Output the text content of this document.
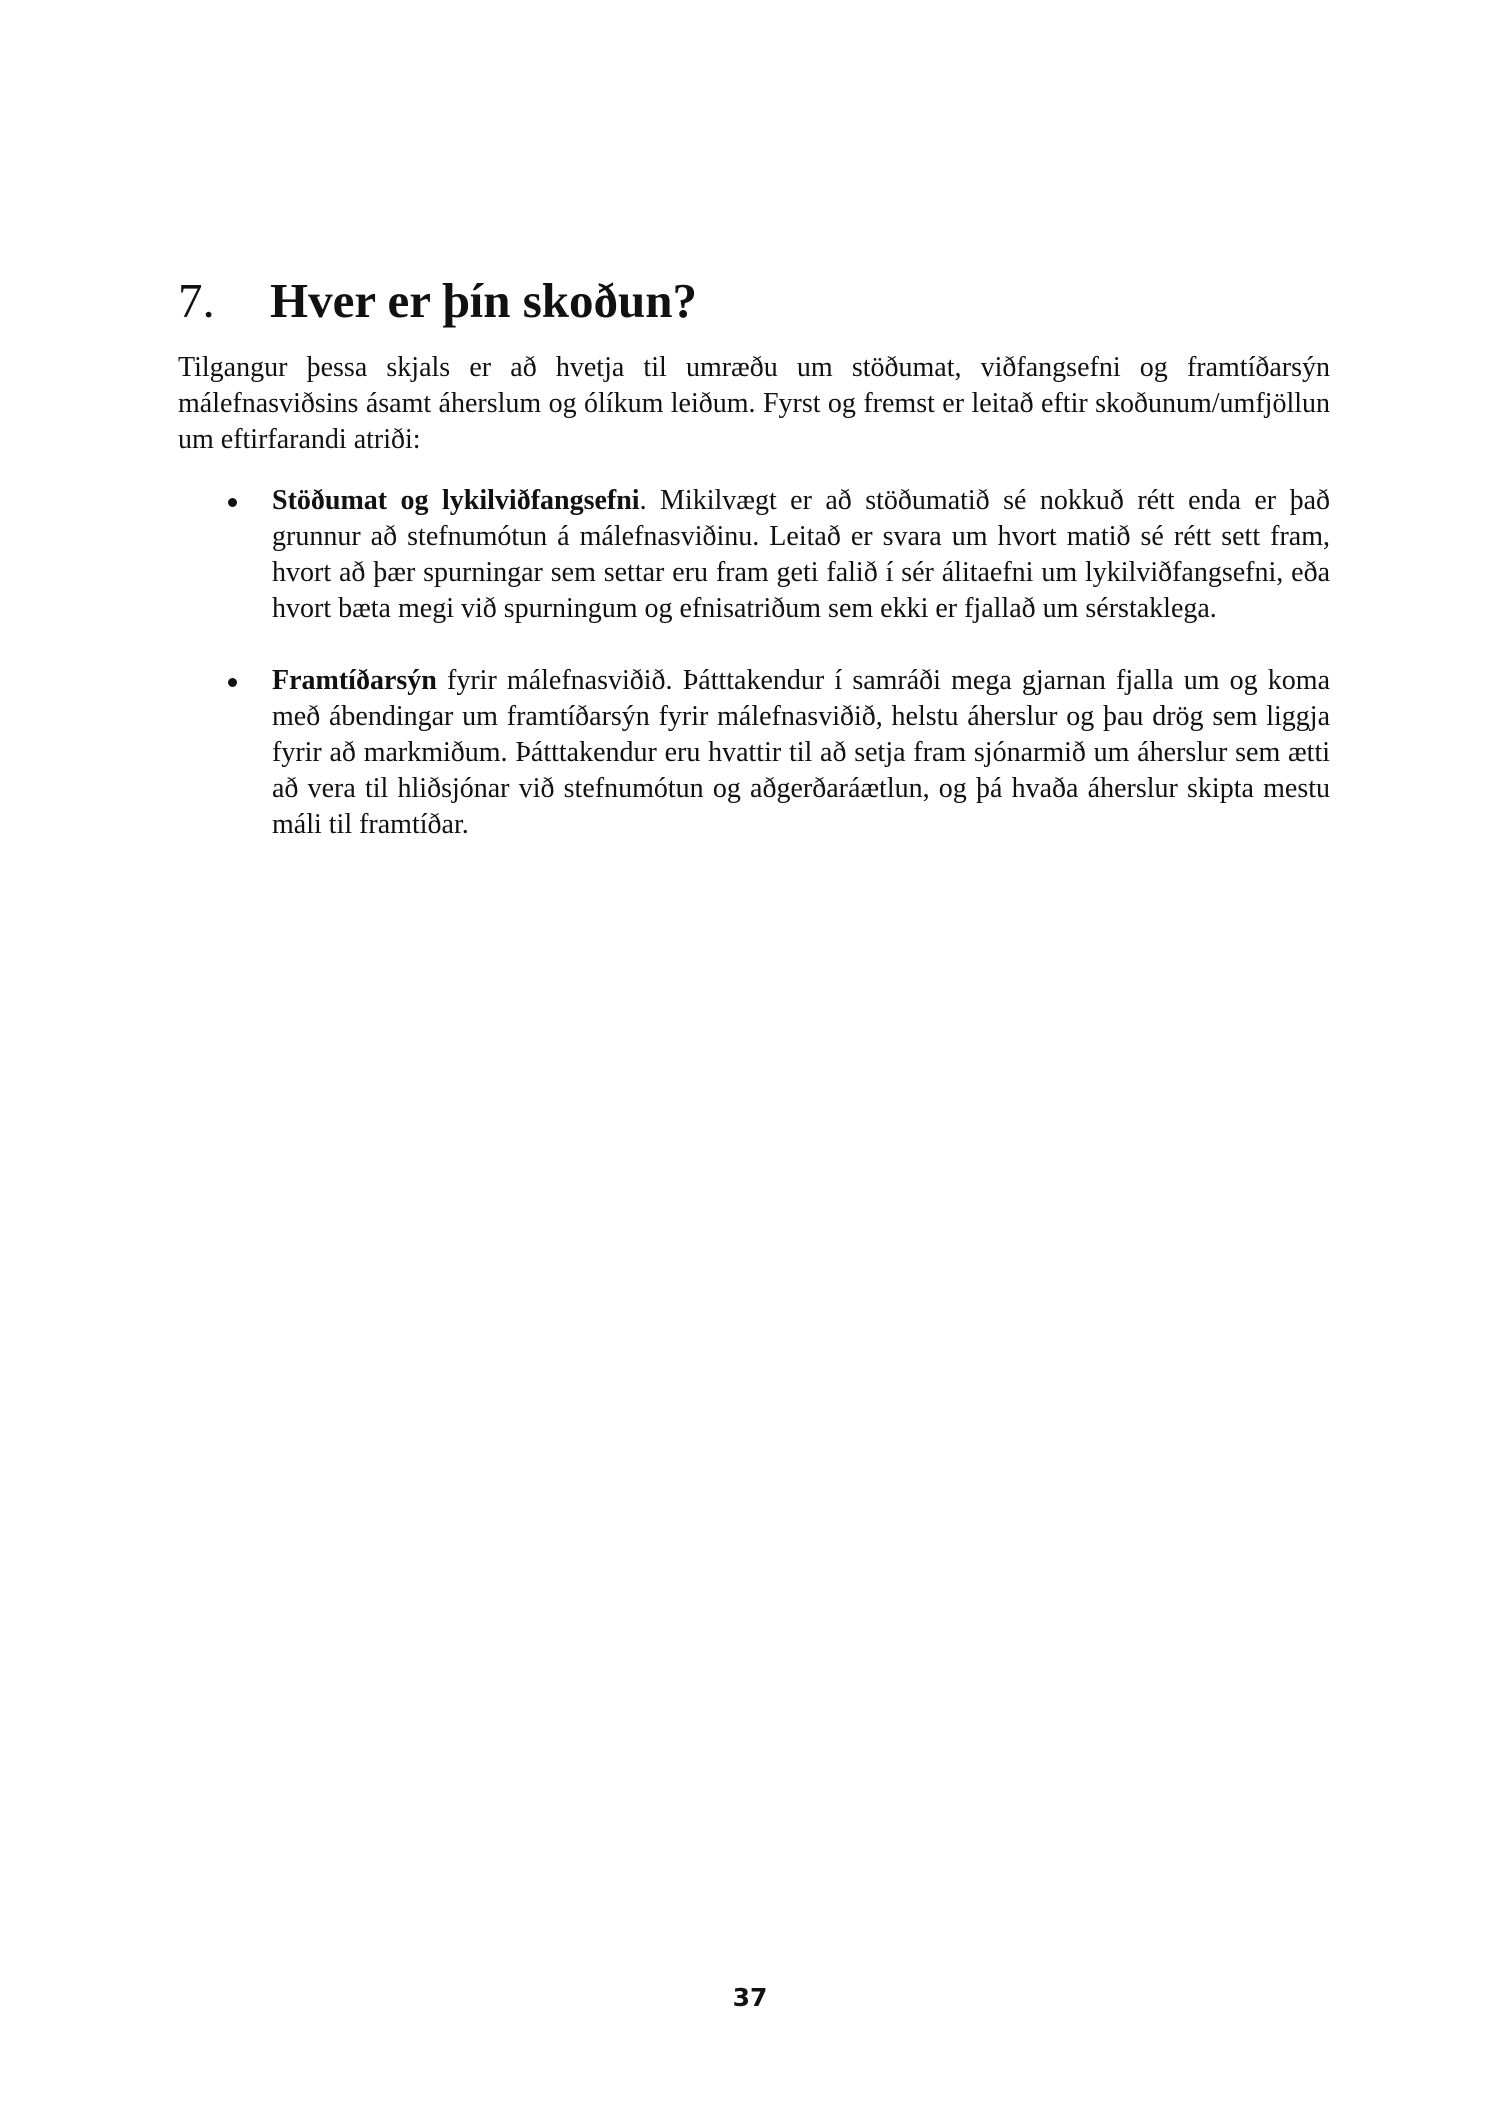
7.	Hver er þín skoðun?

Tilgangur þessa skjals er að hvetja til umræðu um stöðumat, viðfangsefni og framtíðarsýn málefnasviðsins ásamt áherslum og ólíkum leiðum. Fyrst og fremst er leitað eftir skoðunum/umfjöllun um eftirfarandi atriði:

Stöðumat og lykilviðfangsefni. Mikilvægt er að stöðumatið sé nokkuð rétt enda er það grunnur að stefnumótun á málefnasviðinu. Leitað er svara um hvort matið sé rétt sett fram, hvort að þær spurningar sem settar eru fram geti falið í sér álitaefni um lykilviðfangsefni, eða hvort bæta megi við spurningum og efnisatriðum sem ekki er fjallað um sérstaklega.
Framtíðarsýn fyrir málefnasviðið. Þátttakendur í samráði mega gjarnan fjalla um og koma með ábendingar um framtíðarsýn fyrir málefnasviðið, helstu áherslur og þau drög sem liggja fyrir að markmiðum. Þátttakendur eru hvattir til að setja fram sjónarmið um áherslur sem ætti að vera til hliðsjónar við stefnumótun og aðgerðaráætlun, og þá hvaða áherslur skipta mestu máli til framtíðar.
37
